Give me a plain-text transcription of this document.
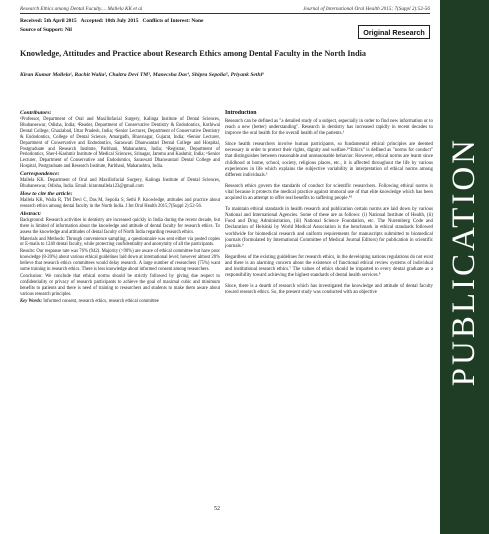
Research Ethics among Dental Faculty.... Mallela KK et al	Journal of International Oral Health 2015; 7(Suppl 2):52-56
Received: 5th April 2015 Accepted: 10th July 2015 Conflicts of Interest: None
Source of Support: Nil	Original Research
PUBLICATION
Knowledge, Attitudes and Practice about Research Ethics among Dental Faculty in the North India
Kiran Kumar Mallela¹, Rachit Walia², Chaitra Devi TM³, Manecsha Das⁴, Shipra Sepolia⁵, Priyank Sethi⁶
Contributors:

¹Professor, Department of Oral and Maxillofacial Surgery, Kalinga Institute of Dental Sciences, Bhubaneswar, Odisha, India; ²Reader, Department of Conservative Dentistry & Endodontics, Kothiwal Dental College, Ghaziabad, Uttar Pradesh, India; ³Senior Lecturer, Department of Conservative Dentistry & Endodontics, College of Dental Science, Amargadh, Bhavnagar, Gujarat, India; ⁴Senior Lecturer, Department of Conservative and Endodontics, Saraswati Dhanwantari Dental College and Hospital, Postgraduate and Research Institute, Parbhani, Maharashtra, India; ⁵Registrar, Department of Periodontics, Sher-I-Kashmir Institute of Medical Sciences, Srinagar, Jammu and Kashmir, India; ⁶Senior Lecturer, Department of Conservative and Endodontics, Saraswati Dhanwantari Dental College and Hospital, Postgraduate and Research Institute, Parbhani, Maharashtra, India.

Correspondence:

Mallela KK. Department of Oral and Maxillofacial Surgery, Kalinga Institute of Dental Sciences, Bhubaneswar, Odisha, India. Email: kiranmallela123@gmail.com

How to cite the article:

Mallela KK, Walia R, TM Devi C, Das M, Sepolia S, Sethi P. Knowledge, attitudes and practice about research ethics among dental faculty in the North India. J Int Oral Health 2015;7(Suppl 2):52-56.

Abstract:

Background: Research activities in dentistry are increased quickly in India during the recent decade, but there is limited of information about the knowledge and attitude of dental faculty for research ethics. To assess the knowledge and attitudes of dental faculty of North India regarding research ethics.

Materials and Methods: Through convenience sampling, a questionnaire was sent either via posted copies or E-mails to 1240 dental faculty, while protecting confidentiality and anonymity of all the participants.

Results: Our response rate was 76% (942). Majority (>90%) are aware of ethical committee but have poor knowledge (8-20%) about various ethical guidelines laid down at international level; however almost 20% believe that research ethics committees would delay research. A large number of researchers (75%) want some training in research ethics. There is less knowledge about informed consent among researchers.

Conclusion: We conclude that ethical norms should be strictly followed by giving due respect to confidentiality or privacy of research participants to achieve the goal of maximal cubic and minimum benefits to patients and there is need of training to researchers and students to make them aware about various research principles.

Key Words: Informed consent, research ethics, research ethical committee

Introduction

Research can be defined as "a detailed study of a subject, especially in order to find new information or to reach a new (better) understanding". Research in dentistry has increased rapidly in recent decades to improve the oral health for the overall health of the patients.¹

Since health researchers involve human participants, so fundamental ethical principles are deemed necessary in order to protect their rights, dignity and welfare.²“Ethics” is defined as "norms for conduct" that distinguishes between reasonable and unreasonable behavior. However, ethical norms are learnt since childhood at home, school, society, religious places, etc., it is affected throughout the life by various experiences in life which explains the subjective variability in interpretation of ethical norms among different individuals.³

Research ethics govern the standards of conduct for scientific researchers. Following ethical norms is vital because it protects the medical practice against immoral use of that elite knowledge which has been acquired in an attempt to offer real benefits to suffering people.⁴⁵

To maintain ethical standards in health research and publication certain norms are laid down by various National and International Agencies. Some of these are as follows: (i) National Institute of Health, (ii) Food and Drug Administration, (iii) National Science Foundation, etc. The Nuremberg Code and Declaration of Helsinki by World Medical Association is the benchmark in ethical standards followed worldwide for biomedical research and uniform requirements for manuscripts submitted to biomedical journals (formulated by International Committee of Medical Journal Editors) for publication in scientific journals.⁶

Regardless of the existing guidelines for research ethics, in the developing nations regulations do not exist and there is an alarming concern about the existence of functional ethical review systems of individual and institutional research ethics.⁷ The values of ethics should be imparted to every dental graduate as a responsibility toward achieving the highest standards of dental health services.⁸

Since, there is a dearth of research which has investigated the knowledge and attitude of dental faculty toward research ethics. So, the present study was conducted with an objective

52
